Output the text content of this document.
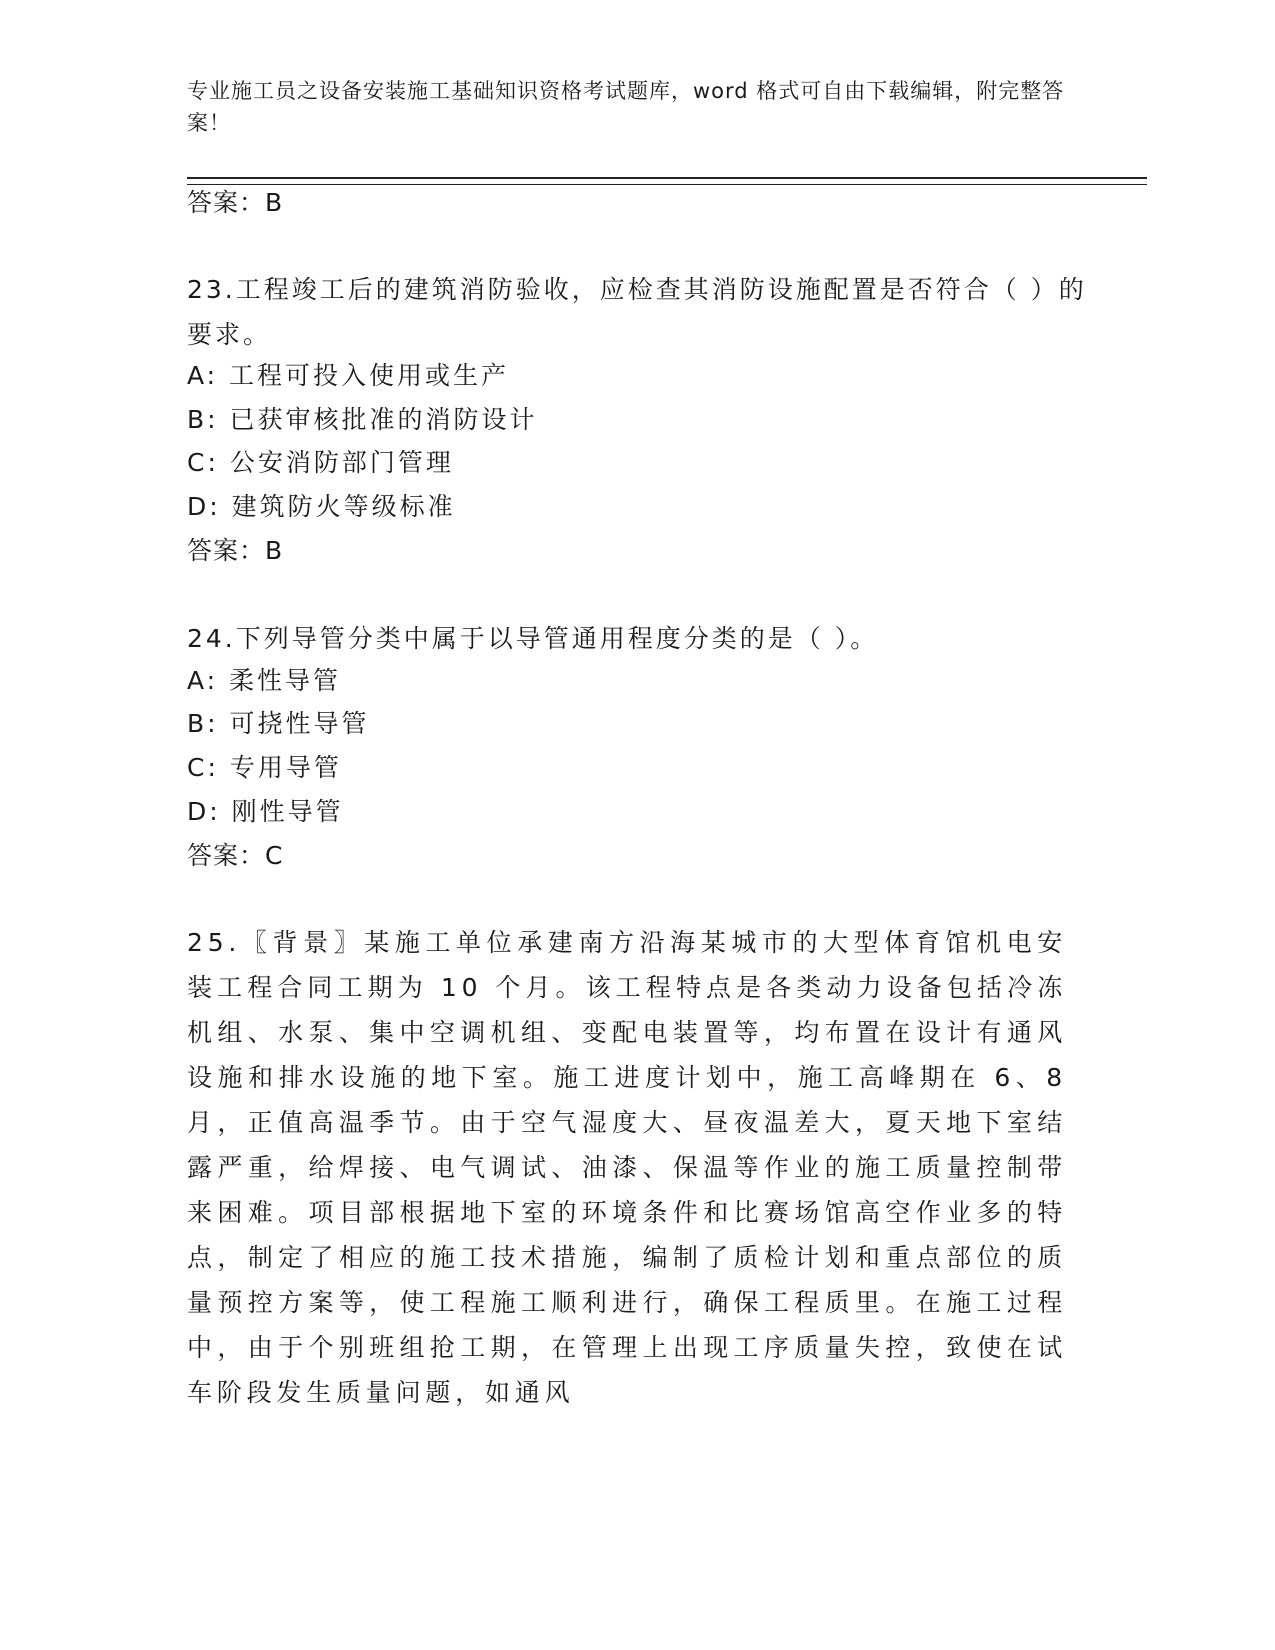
专业施工员之设备安装施工基础知识资格考试题库，word 格式可自由下载编辑，附完整答案！
答案：B
23.工程竣工后的建筑消防验收，应检查其消防设施配置是否符合（ ）的要求。
A: 工程可投入使用或生产
B: 已获审核批准的消防设计
C: 公安消防部门管理
D: 建筑防火等级标准
答案：B
24.下列导管分类中属于以导管通用程度分类的是（ ）。
A: 柔性导管
B: 可挠性导管
C: 专用导管
D: 刚性导管
答案：C
25.〖背景〗某施工单位承建南方沿海某城市的大型体育馆机电安装工程合同工期为 10 个月。该工程特点是各类动力设备包括冷冻机组、水泵、集中空调机组、变配电装置等，均布置在设计有通风设施和排水设施的地下室。施工进度计划中，施工高峰期在 6、8 月，正值高温季节。由于空气湿度大、昼夜温差大，夏天地下室结露严重，给焊接、电气调试、油漆、保温等作业的施工质量控制带来困难。项目部根据地下室的环境条件和比赛场馆高空作业多的特点，制定了相应的施工技术措施，编制了质检计划和重点部位的质量预控方案等，使工程施工顺利进行，确保工程质里。在施工过程中，由于个别班组抢工期，在管理上出现工序质量失控，致使在试车阶段发生质量问题，如通风
